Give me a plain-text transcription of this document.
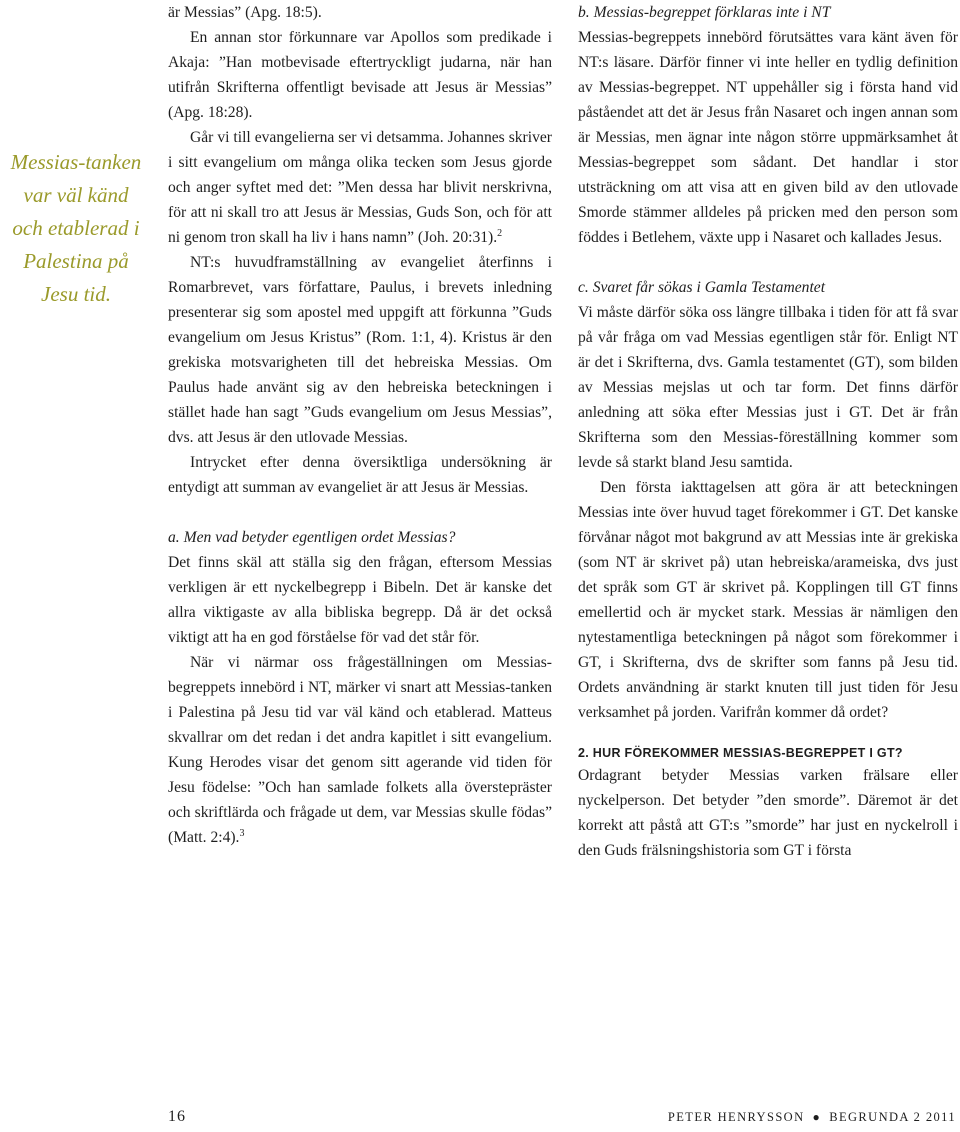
Messias-tanken var väl känd och etablerad i Palestina på Jesu tid.

är Messias” (Apg. 18:5).

En annan stor förkunnare var Apollos som predikade i Akaja: ”Han motbevisade eftertryckligt judarna, när han utifrån Skrifterna offentligt bevisade att Jesus är Messias” (Apg. 18:28).

Går vi till evangelierna ser vi detsamma. Johannes skriver i sitt evangelium om många olika tecken som Jesus gjorde och anger syftet med det: ”Men dessa har blivit nerskrivna, för att ni skall tro att Jesus är Messias, Guds Son, och för att ni genom tron skall ha liv i hans namn” (Joh. 20:31).$^2$

NT:s huvudframställning av evangeliet återfinns i Romarbrevet, vars författare, Paulus, i brevets inledning presenterar sig som apostel med uppgift att förkunna ”Guds evangelium om Jesus Kristus” (Rom. 1:1, 4). Kristus är den grekiska motsvarigheten till det hebreiska Messias. Om Paulus hade använt sig av den hebreiska beteckningen i stället hade han sagt ”Guds evangelium om Jesus Messias”, dvs. att Jesus är den utlovade Messias.

Intrycket efter denna översiktliga undersökning är entydigt att summan av evangeliet är att Jesus är Messias.

a. Men vad betyder egentligen ordet Messias?

Det finns skäl att ställa sig den frågan, eftersom Messias verkligen är ett nyckelbegrepp i Bibeln. Det är kanske det allra viktigaste av alla bibliska begrepp. Då är det också viktigt att ha en god förståelse för vad det står för.

När vi närmar oss frågeställningen om Messias-begreppets innebörd i NT, märker vi snart att Messias-tanken i Palestina på Jesu tid var väl känd och etablerad. Matteus skvallrar om det redan i det andra kapitlet i sitt evangelium. Kung Herodes visar det genom sitt agerande vid tiden för Jesu födelse: ”Och han samlade folkets alla överstepräster och skriftlärda och frågade ut dem, var Messias skulle födas” (Matt. 2:4).$^3$

b. Messias-begreppet förklaras inte i NT

Messias-begreppets innebörd förutsättes vara känt även för NT:s läsare. Därför finner vi inte heller en tydlig definition av Messias-begreppet. NT uppehåller sig i första hand vid påståendet att det är Jesus från Nasaret och ingen annan som är Messias, men ägnar inte någon större uppmärksamhet åt Messias-begreppet som sådant. Det handlar i stor utsträckning om att visa att en given bild av den utlovade Smorde stämmer alldeles på pricken med den person som föddes i Betlehem, växte upp i Nasaret och kallades Jesus.

c. Svaret får sökas i Gamla Testamentet

Vi måste därför söka oss längre tillbaka i tiden för att få svar på vår fråga om vad Messias egentligen står för. Enligt NT är det i Skrifterna, dvs. Gamla testamentet (GT), som bilden av Messias mejslas ut och tar form. Det finns därför anledning att söka efter Messias just i GT. Det är från Skrifterna som den Messias-föreställning kommer som levde så starkt bland Jesu samtida.

Den första iakttagelsen att göra är att beteckningen Messias inte över huvud taget förekommer i GT. Det kanske förvånar något mot bakgrund av att Messias inte är grekiska (som NT är skrivet på) utan hebreiska/arameiska, dvs just det språk som GT är skrivet på. Kopplingen till GT finns emellertid och är mycket stark. Messias är nämligen den nytestamentliga beteckningen på något som förekommer i GT, i Skrifterna, dvs de skrifter som fanns på Jesu tid. Ordets användning är starkt knuten till just tiden för Jesu verksamhet på jorden. Varifrån kommer då ordet?

2. HUR FÖREKOMMER MESSIAS-BEGREPPET I GT?

Ordagrant betyder Messias varken frälsare eller nyckelperson. Det betyder ”den smorde”. Däremot är det korrekt att påstå att GT:s ”smorde” har just en nyckelroll i den Guds frälsningshistoria som GT i första

16	PETER HENRYSSON ● BEGRUNDA 2 2011
